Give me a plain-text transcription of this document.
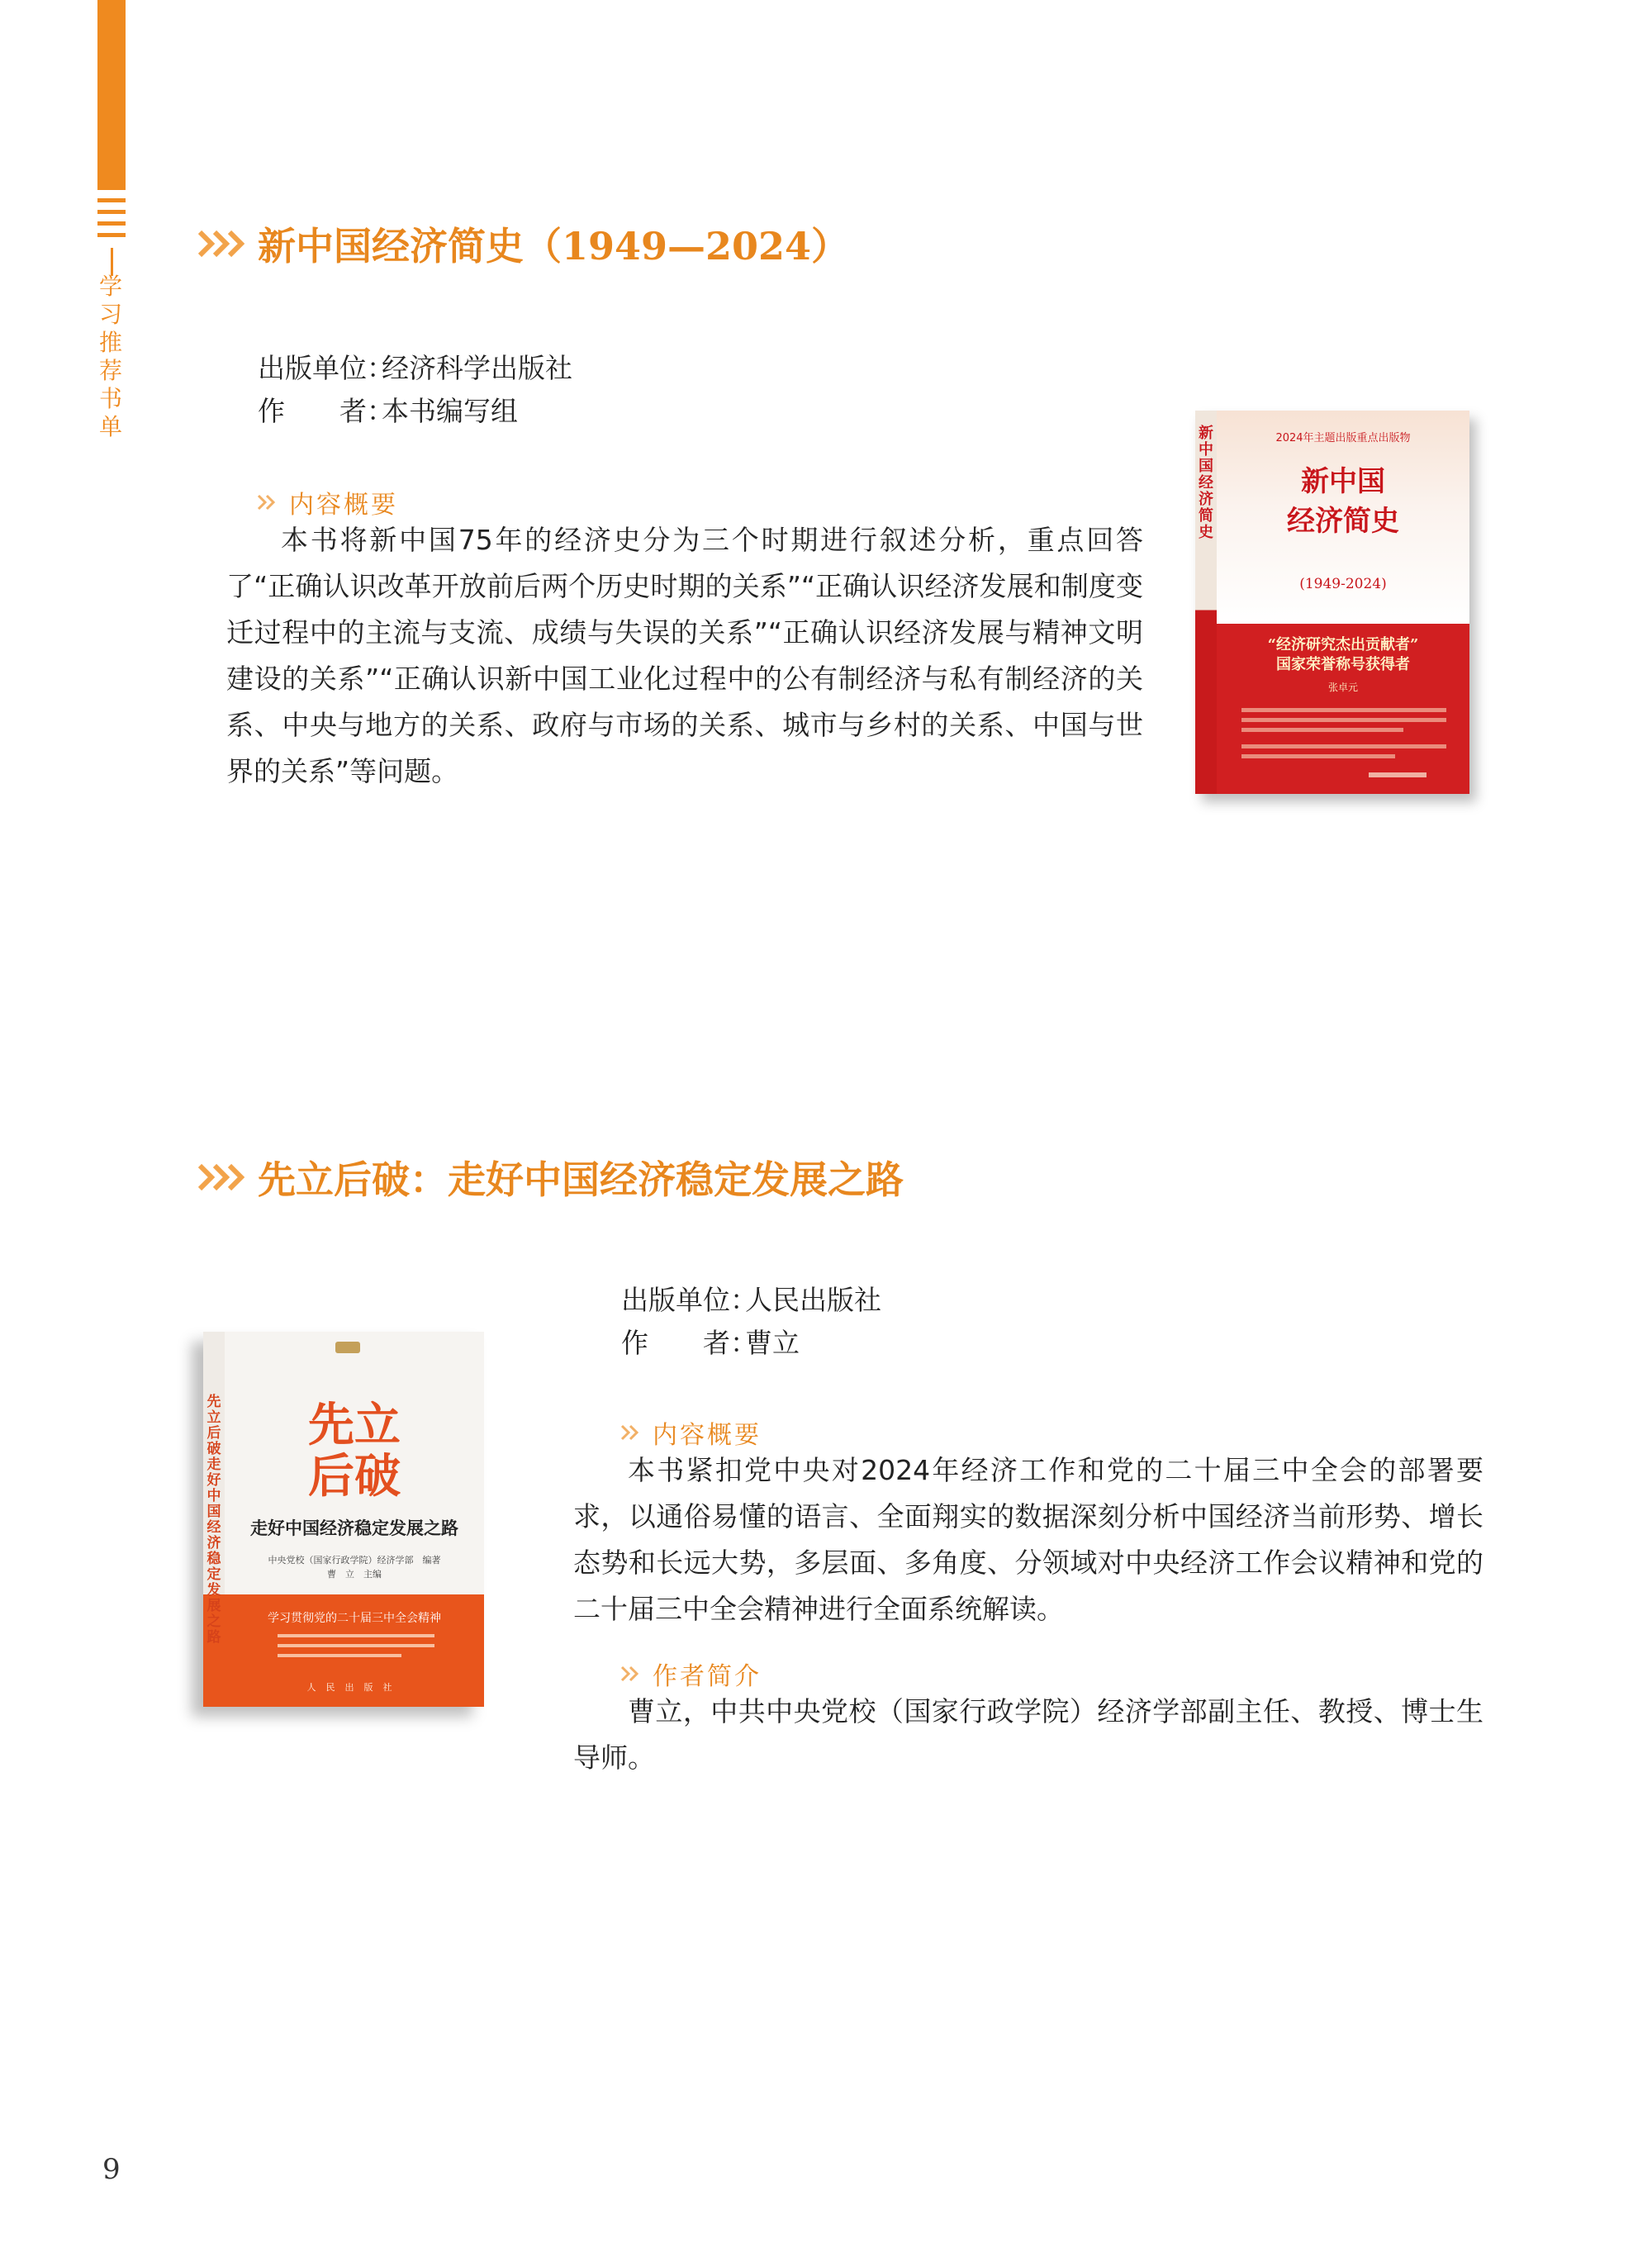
学习推荐书单
新中国经济简史（1949—2024）
出版单位：经济科学出版社
作　　者：本书编写组
内容概要

本书将新中国75年的经济史分为三个时期进行叙述分析，重点回答了“正确认识改革开放前后两个历史时期的关系”“正确认识经济发展和制度变迁过程中的主流与支流、成绩与失误的关系”“正确认识经济发展与精神文明建设的关系”“正确认识新中国工业化过程中的公有制经济与私有制经济的关系、中央与地方的关系、政府与市场的关系、城市与乡村的关系、中国与世界的关系”等问题。

新中国经济简史
2024年主题出版重点出版物
新中国
经济简史
(1949-2024)
“经济研究杰出贡献者”
国家荣誉称号获得者
张卓元
先立后破：走好中国经济稳定发展之路
出版单位：人民出版社
作　　者：曹立
内容概要

本书紧扣党中央对2024年经济工作和党的二十届三中全会的部署要求，以通俗易懂的语言、全面翔实的数据深刻分析中国经济当前形势、增长态势和长远大势，多层面、多角度、分领域对中央经济工作会议精神和党的二十届三中全会精神进行全面系统解读。

作者简介

曹立，中共中央党校（国家行政学院）经济学部副主任、教授、博士生导师。

先立后破走好中国经济稳定发展之路
先立
后破
走好中国经济稳定发展之路
中央党校（国家行政学院）经济学部　编著
曹　立　主编
学习贯彻党的二十届三中全会精神
人民出版社
9
